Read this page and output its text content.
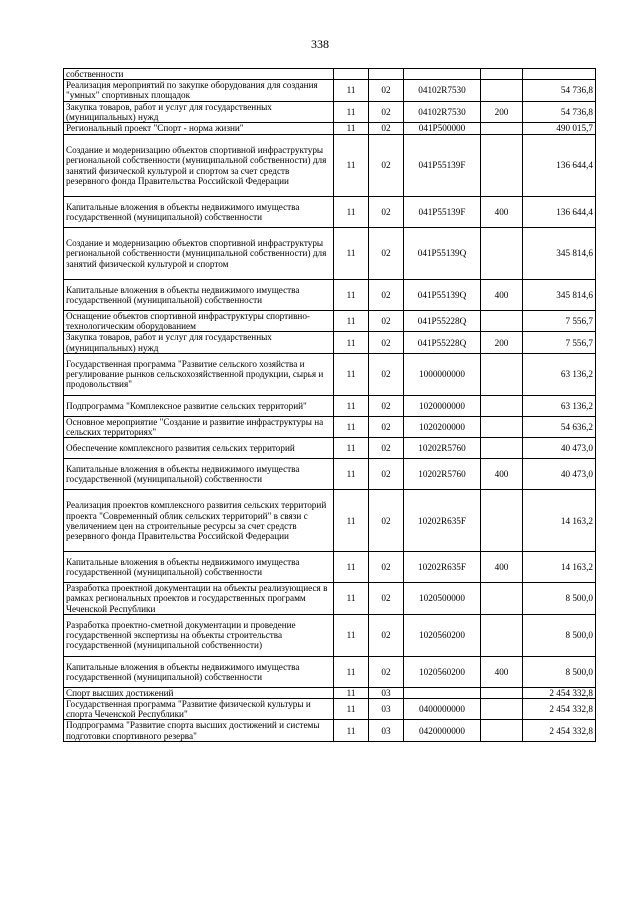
338
собственности					
Реализация мероприятий по закупке оборудования для создания "умных" спортивных площадок	11	02	04102R7530		54 736,8
Закупка товаров, работ и услуг для государственных (муниципальных) нужд	11	02	04102R7530	200	54 736,8
Региональный проект "Спорт - норма жизни"	11	02	041P500000		490 015,7
Создание и модернизацию объектов спортивной инфраструктуры региональной собственности (муниципальной собственности) для занятий физической культурой и спортом за счет средств резервного фонда Правительства Российской Федерации	11	02	041P55139F		136 644,4
Капитальные вложения в объекты недвижимого имущества государственной (муниципальной) собственности	11	02	041P55139F	400	136 644,4
Создание и модернизацию объектов спортивной инфраструктуры региональной собственности (муниципальной собственности) для занятий физической культурой и спортом	11	02	041P55139Q		345 814,6
Капитальные вложения в объекты недвижимого имущества государственной (муниципальной) собственности	11	02	041P55139Q	400	345 814,6
Оснащение объектов спортивной инфраструктуры спортивно-технологическим оборудованием	11	02	041P55228Q		7 556,7
Закупка товаров, работ и услуг для государственных (муниципальных) нужд	11	02	041P55228Q	200	7 556,7
Государственная программа "Развитие сельского хозяйства и регулирование рынков сельскохозяйственной продукции, сырья и продовольствия"	11	02	1000000000		63 136,2
Подпрограмма "Комплексное развитие сельских территорий"	11	02	1020000000		63 136,2
Основное мероприятие "Создание и развитие инфраструктуры на сельских территориях"	11	02	1020200000		54 636,2
Обеспечение комплексного развития сельских территорий	11	02	10202R5760		40 473,0
Капитальные вложения в объекты недвижимого имущества государственной (муниципальной) собственности	11	02	10202R5760	400	40 473,0
Реализация проектов комплексного развития сельских территорий проекта "Современный облик сельских территорий" в связи с увеличением цен на строительные ресурсы за счет средств резервного фонда Правительства Российской Федерации	11	02	10202R635F		14 163,2
Капитальные вложения в объекты недвижимого имущества государственной (муниципальной) собственности	11	02	10202R635F	400	14 163,2
Разработка проектной документации на объекты реализующиеся в рамках региональных проектов и государственных программ Чеченской Республики	11	02	1020500000		8 500,0
Разработка проектно-сметной документации и проведение государственной экспертизы на объекты строительства государственной (муниципальной собственности)	11	02	1020560200		8 500,0
Капитальные вложения в объекты недвижимого имущества государственной (муниципальной) собственности	11	02	1020560200	400	8 500,0
Спорт высших достижений	11	03			2 454 332,8
Государственная программа "Развитие физической культуры и спорта Чеченской Республики"	11	03	0400000000		2 454 332,8
Подпрограмма "Развитие спорта высших достижений и системы подготовки спортивного резерва"	11	03	0420000000		2 454 332,8
